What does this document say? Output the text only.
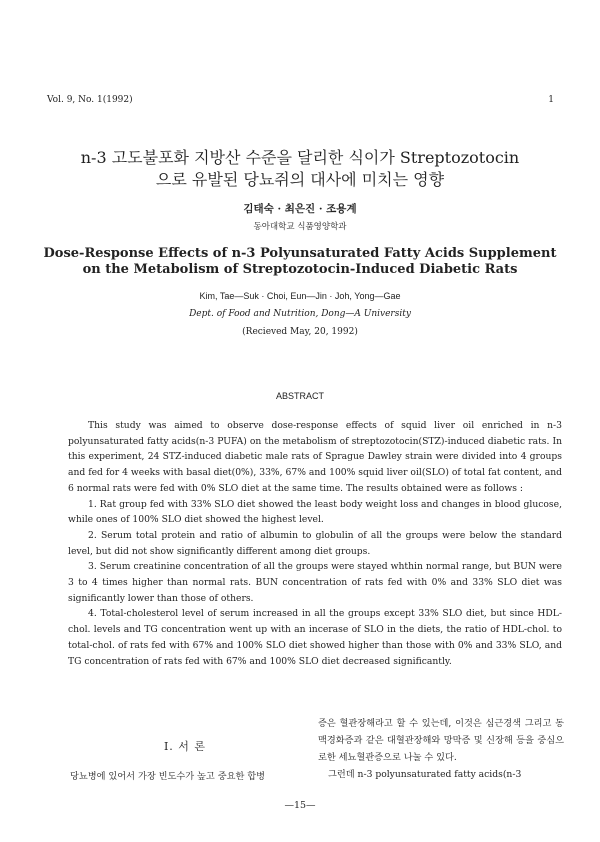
Vol. 9, No. 1(1992)	1
n-3 고도불포화 지방산 수준을 달리한 식이가 Streptozotocin
으로 유발된 당뇨쥐의 대사에 미치는 영향
김태숙 · 최은진 · 조용계
동아대학교 식품영양학과
Dose-Response Effects of n-3 Polyunsaturated Fatty Acids Supplement
on the Metabolism of Streptozotocin-Induced Diabetic Rats
Kim, Tae—Suk · Choi, Eun—Jin · Joh, Yong—Gae
Dept. of Food and Nutrition, Dong—A University
(Recieved May, 20, 1992)
ABSTRACT

This study was aimed to observe dose-response effects of squid liver oil enriched in n-3 polyunsaturated fatty acids(n-3 PUFA) on the metabolism of streptozotocin(STZ)-induced diabetic rats. In this experiment, 24 STZ-induced diabetic male rats of Sprague Dawley strain were divided into 4 groups and fed for 4 weeks with basal diet(0%), 33%, 67% and 100% squid liver oil(SLO) of total fat content, and 6 normal rats were fed with 0% SLO diet at the same time. The results obtained were as follows :

1. Rat group fed with 33% SLO diet showed the least body weight loss and changes in blood glucose, while ones of 100% SLO diet showed the highest level.

2. Serum total protein and ratio of albumin to globulin of all the groups were below the standard level, but did not show significantly different among diet groups.

3. Serum creatinine concentration of all the groups were stayed whthin normal range, but BUN were 3 to 4 times higher than normal rats. BUN concentration of rats fed with 0% and 33% SLO diet was significantly lower than those of others.

4. Total-cholesterol level of serum increased in all the groups except 33% SLO diet, but since HDL-chol. levels and TG concentration went up with an incerase of SLO in the diets, the ratio of HDL-chol. to total-chol. of rats fed with 67% and 100% SLO diet showed higher than those with 0% and 33% SLO, and TG concentration of rats fed with 67% and 100% SLO diet decreased significantly.

I. 서 론
당뇨병에 있어서 가장 빈도수가 높고 중요한 합병

증은 혈관장해라고 할 수 있는데, 이것은 심근경색 그리고 동맥경화증과 같은 대혈관장해와 망막증 및 신장해 등을 중심으로한 세뇨혈관증으로 나눌 수 있다.

그런데 n-3 polyunsaturated fatty acids(n-3

—15—
